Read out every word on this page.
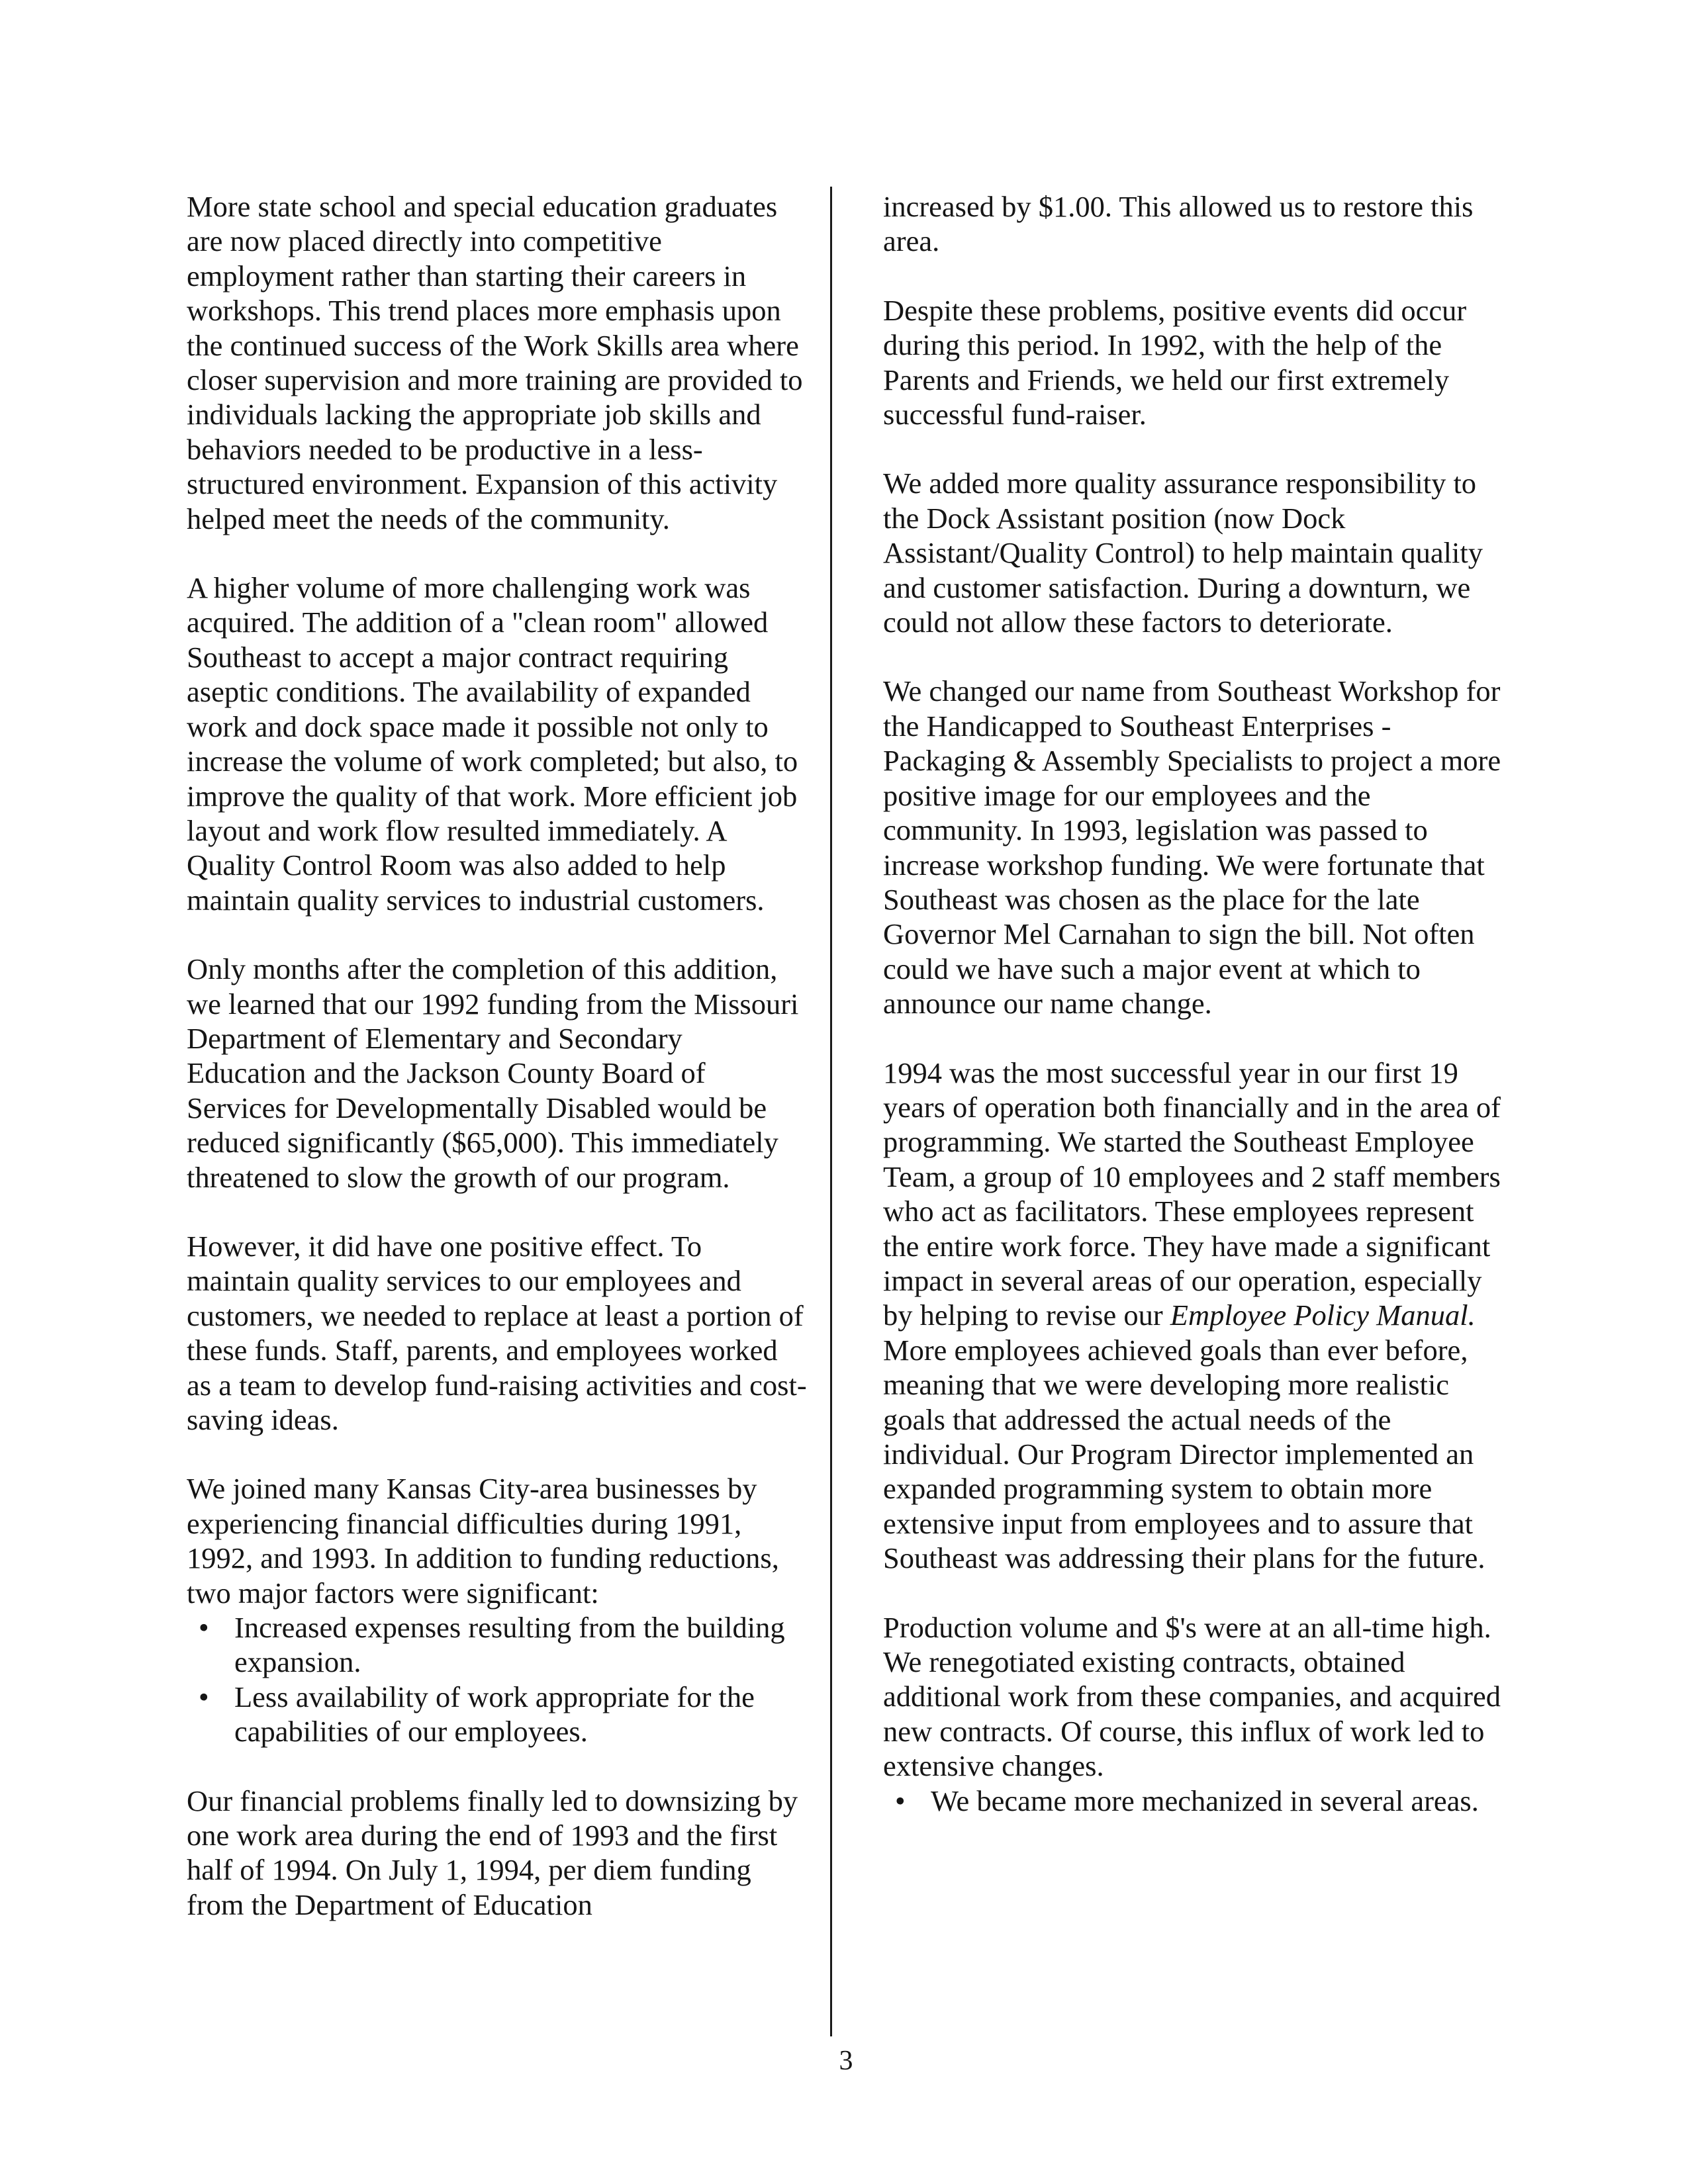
More state school and special education graduates are now placed directly into competitive employment rather than starting their careers in workshops. This trend places more emphasis upon the continued success of the Work Skills area where closer supervision and more training are provided to individuals lacking the appropriate job skills and behaviors needed to be productive in a less-structured environment. Expansion of this activity helped meet the needs of the community.

A higher volume of more challenging work was acquired. The addition of a "clean room" allowed Southeast to accept a major contract requiring aseptic conditions. The availability of expanded work and dock space made it possible not only to increase the volume of work completed; but also, to improve the quality of that work. More efficient job layout and work flow resulted immediately. A Quality Control Room was also added to help maintain quality services to industrial customers.

Only months after the completion of this addition, we learned that our 1992 funding from the Missouri Department of Elementary and Secondary Education and the Jackson County Board of Services for Developmentally Disabled would be reduced significantly ($65,000). This immediately threatened to slow the growth of our program.

However, it did have one positive effect. To maintain quality services to our employees and customers, we needed to replace at least a portion of these funds. Staff, parents, and employees worked as a team to develop fund-raising activities and cost-saving ideas.

We joined many Kansas City-area businesses by experiencing financial difficulties during 1991, 1992, and 1993. In addition to funding reductions, two major factors were significant:

• Increased expenses resulting from the building expansion.
• Less availability of work appropriate for the capabilities of our employees.

Our financial problems finally led to downsizing by one work area during the end of 1993 and the first half of 1994. On July 1, 1994, per diem funding from the Department of Education

increased by $1.00. This allowed us to restore this area.

Despite these problems, positive events did occur during this period. In 1992, with the help of the Parents and Friends, we held our first extremely successful fund-raiser.

We added more quality assurance responsibility to the Dock Assistant position (now Dock Assistant/Quality Control) to help maintain quality and customer satisfaction. During a downturn, we could not allow these factors to deteriorate.

We changed our name from Southeast Workshop for the Handicapped to Southeast Enterprises - Packaging & Assembly Specialists to project a more positive image for our employees and the community. In 1993, legislation was passed to increase workshop funding. We were fortunate that Southeast was chosen as the place for the late Governor Mel Carnahan to sign the bill. Not often could we have such a major event at which to announce our name change.

1994 was the most successful year in our first 19 years of operation both financially and in the area of programming. We started the Southeast Employee Team, a group of 10 employees and 2 staff members who act as facilitators. These employees represent the entire work force. They have made a significant impact in several areas of our operation, especially by helping to revise our Employee Policy Manual. More employees achieved goals than ever before, meaning that we were developing more realistic goals that addressed the actual needs of the individual. Our Program Director implemented an expanded programming system to obtain more extensive input from employees and to assure that Southeast was addressing their plans for the future.

Production volume and $'s were at an all-time high. We renegotiated existing contracts, obtained additional work from these companies, and acquired new contracts. Of course, this influx of work led to extensive changes.

• We became more mechanized in several areas.
3
